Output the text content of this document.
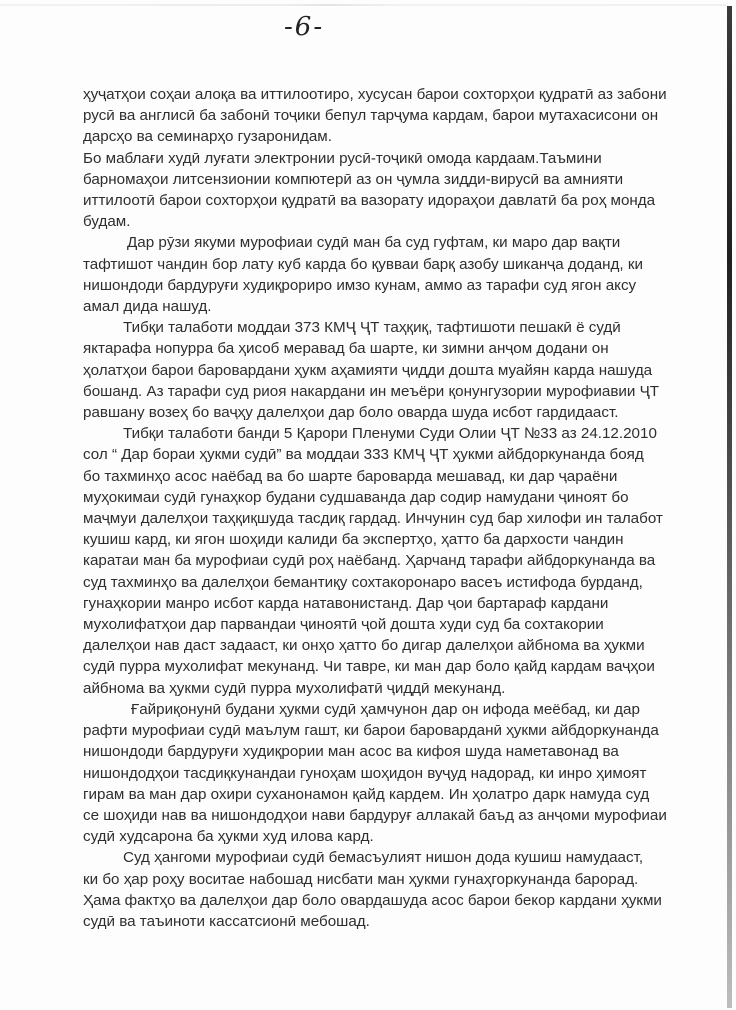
-6-
ҳуҷатҳои соҳаи алоқа ва иттилоотиро, хусусан барои сохторҳои қудратӣ аз забони
русӣ ва англисӣ ба забонӣ тоҷики бепул тарҷума кардам, барои мутахасисони он
дарсҳо ва семинарҳо гузаронидам.
Бо маблағи худӣ луғати электронии русӣ-тоҷикӣ омода кардаам.Таъмини
барномаҳои литсензионии компютерӣ аз он ҷумла зидди-вирусӣ ва амнияти
иттилоотӣ барои сохторҳои қудратӣ ва вазорату идораҳои давлатӣ ба роҳ монда
будам.
Дар рӯзи якуми мурофиаи судӣ ман ба суд гуфтам, ки маро дар вақти
тафтишот чандин бор лату куб карда бо қувваи барқ азобу шиканҷа доданд, ки
нишондоди бардуруғи худиқрориро имзо кунам, аммо аз тарафи суд ягон аксу
амал дида нашуд.
Тибқи талаботи моддаи 373 КМҶ ҶТ таҳқиқ, тафтишоти пешакӣ ё судӣ
яктарафа нопурра ба ҳисоб меравад ба шарте, ки зимни анҷом додани он
ҳолатҳои барои баровардани ҳукм аҳамияти ҷидди дошта муайян карда нашуда
бошанд. Аз тарафи суд риоя накардани ин меъёри қонунгузории мурофиавии ҶТ
равшану возеҳ бо ваҷҳу далелҳои дар боло оварда шуда исбот гардидааст.
Тибқи талаботи банди 5 Қарори Пленуми Суди Олии ҶТ №33 аз 24.12.2010
сол “ Дар бораи ҳукми судӣ” ва моддаи 333 КМҶ ҶТ ҳукми айбдоркунанда бояд
бо тахминҳо асос наёбад ва бо шарте баровaрда мешавад, ки дар ҷараёни
муҳокимаи судӣ гунаҳкор будани судшаванда дар содир намудани ҷиноят бо
маҷмуи далелҳои таҳқиқшуда тасдиқ гардад. Инчунин суд бар хилофи ин талабот
кушиш кард, ки ягон шоҳиди калиди ба экспертҳо, ҳатто ба дархости чандин
каратаи ман ба мурофиаи судӣ роҳ наёбанд. Ҳарчанд тарафи айбдоркунанда ва
суд тахминҳо ва далелҳои бемантиқу сохтакоронаро васеъ истифода бурданд,
гунаҳкории манро исбот карда натавонистанд. Дар ҷои бартараф кардани
мухолифатҳои дар парвандаи ҷиноятӣ ҷой дошта худи суд ба сохтакории
далелҳои нав даст задааст, ки онҳо ҳатто бо дигар далелҳои айбнома ва ҳукми
судӣ пурра мухолифат мекунанд. Чи тавре, ки ман дар боло қайд кардам ваҷҳои
айбнома ва ҳукми судӣ пурра мухолифатӣ ҷиддӣ мекунанд.
Ғайриқонунӣ будани ҳукми судӣ ҳамчунон дар он ифода меёбад, ки дар
рафти мурофиаи судӣ маълум гашт, ки барои баровардaнӣ ҳукми айбдоркунанда
нишондоди бардуруғи худиқрории ман асос ва кифоя шуда наметавонад ва
нишондодҳои тасдиқкунандаи гуноҳам шоҳидон вуҷуд надорад, ки инро ҳимоят
гирам ва ман дар охири суханонамон қайд кардем. Ин ҳолатро дарк намуда суд
се шоҳиди нав ва нишондодҳои нави бардуруғ аллакай баъд аз анҷоми мурофиаи
судӣ худсарона ба ҳукми худ илова кард.
Суд ҳангоми мурофиаи судӣ бемасъулият нишон дода кушиш намудааст,
ки бо ҳар роҳу воситае набошад нисбати ман ҳукми гунаҳгоркунанда барорад.
Ҳама фактҳо ва далелҳои дар боло овардашуда асос барои бекор кардани ҳукми
судӣ ва таъиноти кассатсионӣ мебошад.
